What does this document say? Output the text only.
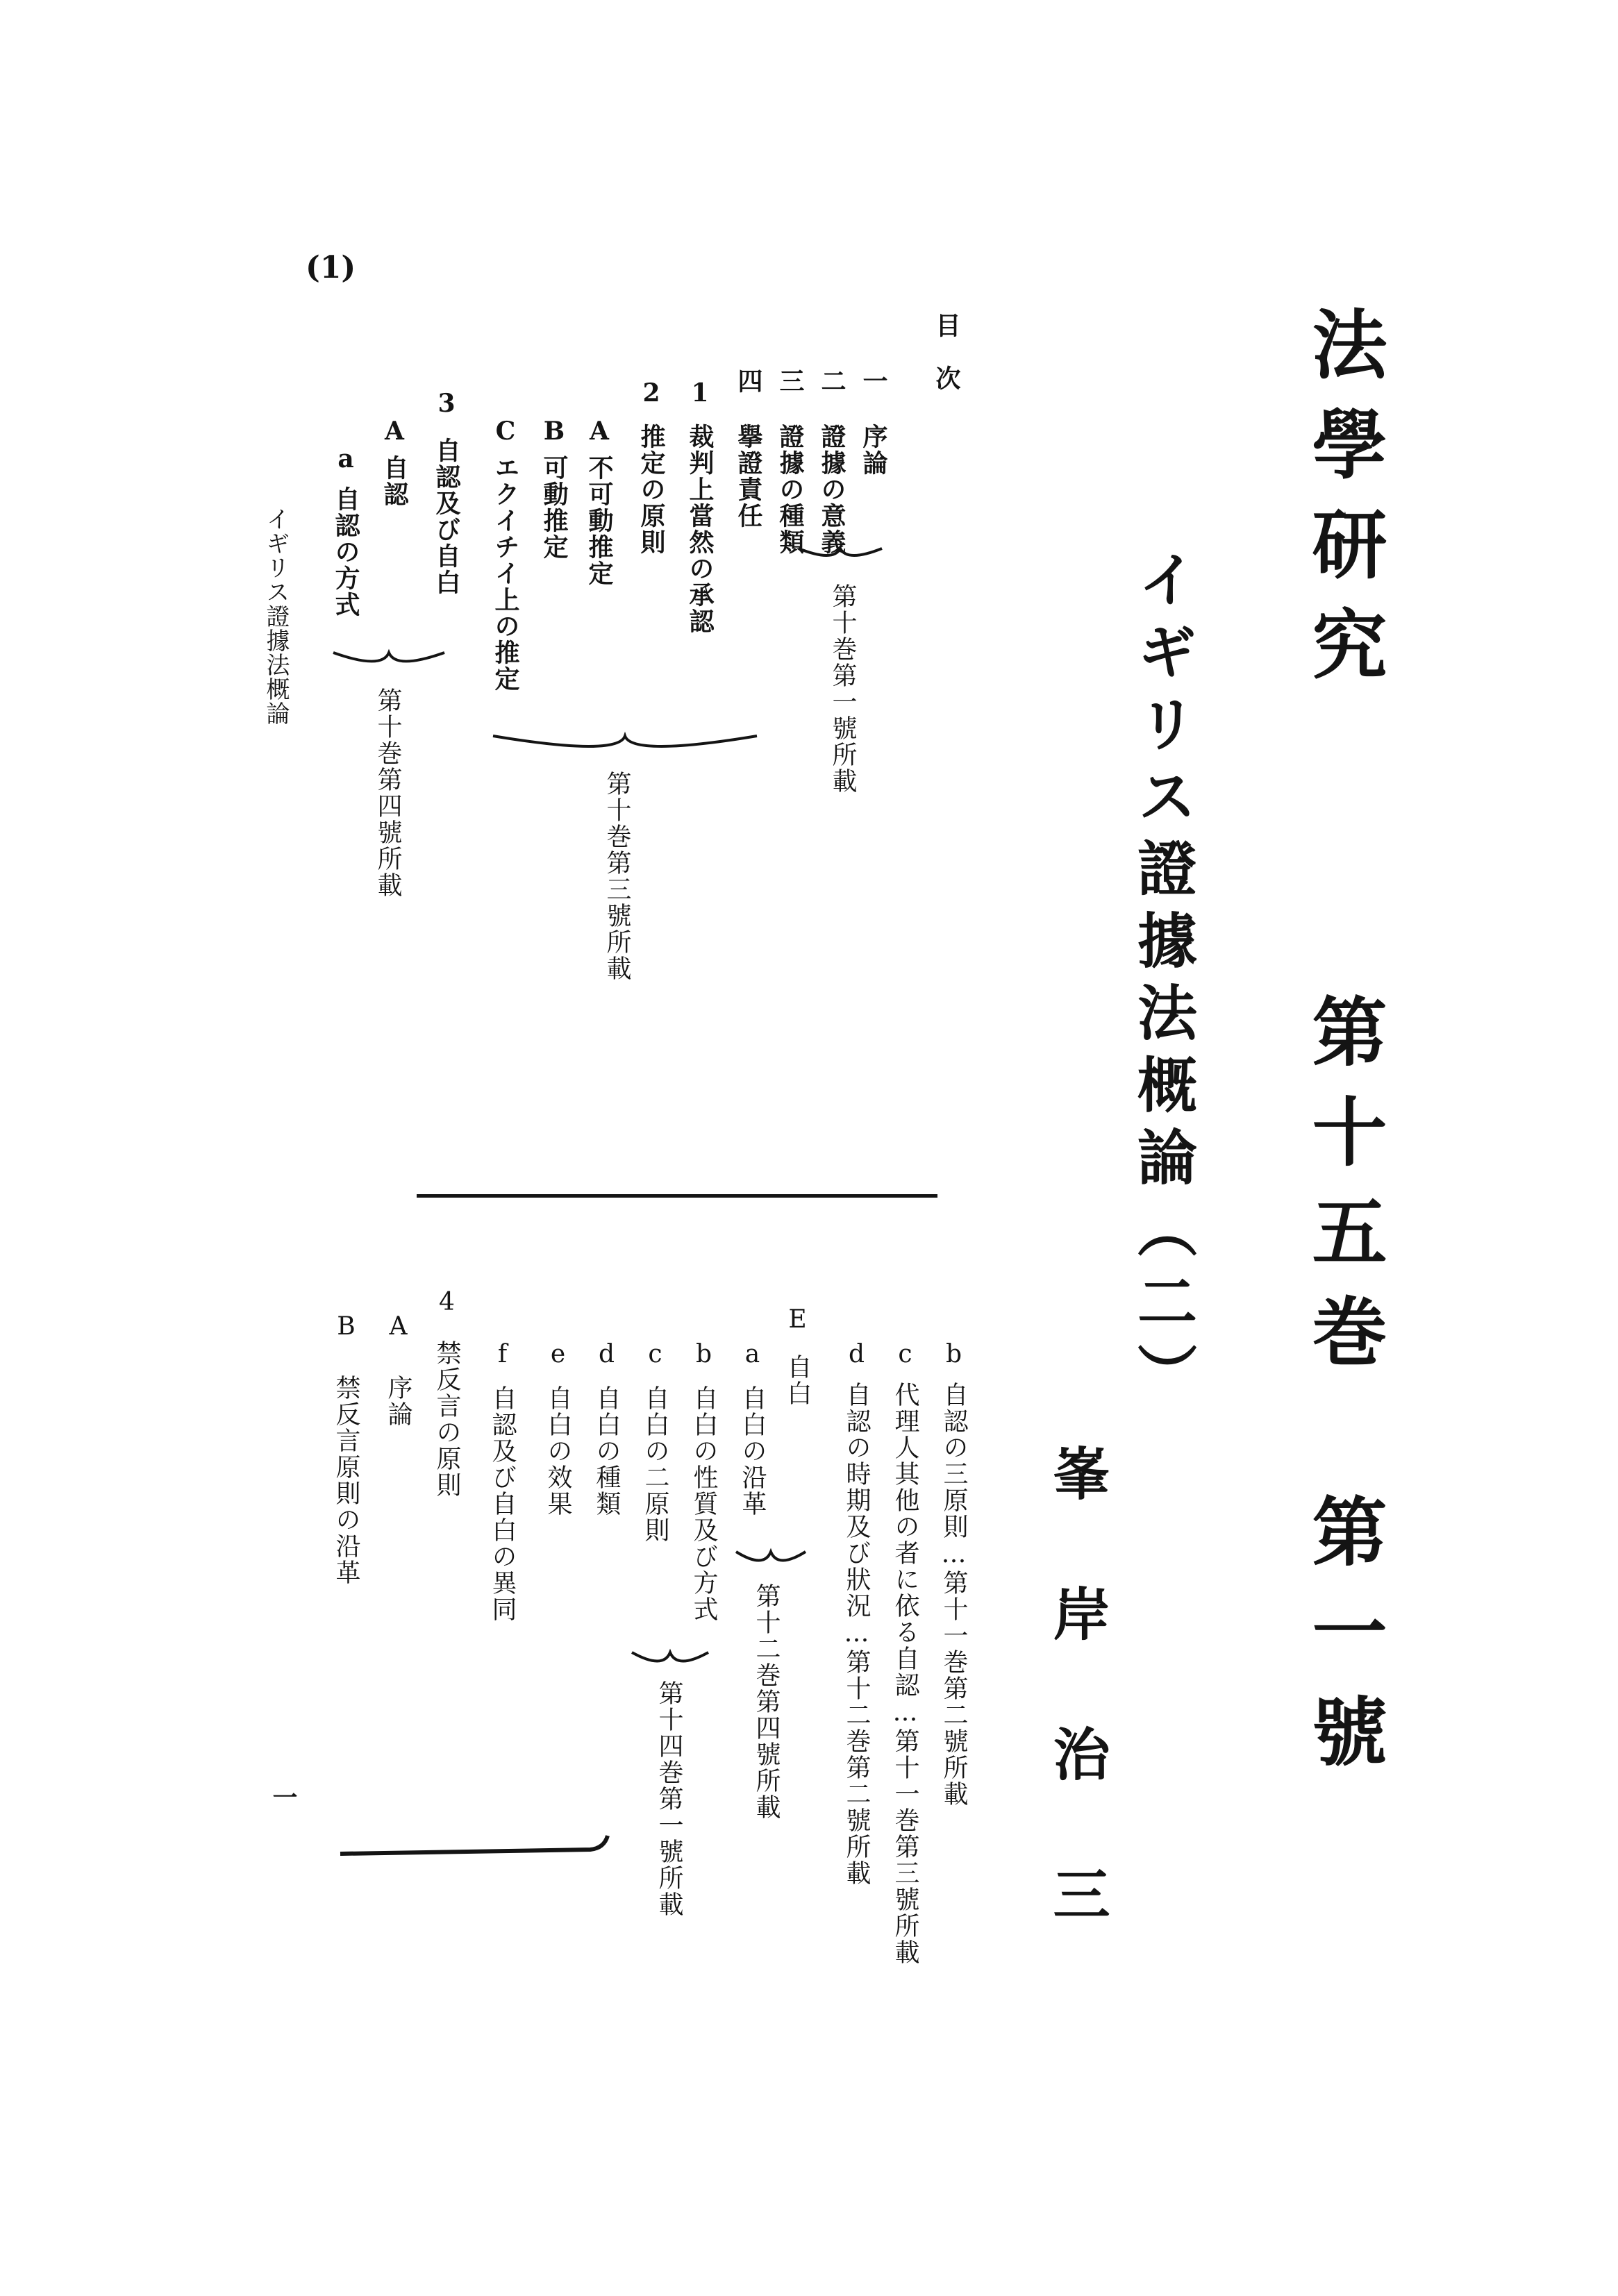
(1)
法學研究
第十五巻　第一號
イギリス證據法概論（二）
峯岸治三
目　次
一
序論
二
證據の意義
三
證據の種類
四
擧證責任
1
裁判上當然の承認
2
推定の原則
A
不可動推定
B
可動推定
C
エクイチイ上の推定
3
自認及び自白
A
自認
a
自認の方式
イギリス證據法概論	第十巻第一號所載
第十巻第三號所載
第十巻第四號所載
b
自認の三原則…第十一巻第二號所載
c
代理人其他の者に依る自認…第十一巻第三號所載
d
自認の時期及び狀況…第十二巻第二號所載
E
自白
a
自白の沿革
b
自白の性質及び方式
c
自白の二原則
d
自白の種類
e
自白の效果
f
自認及び自白の異同
4
禁反言の原則
A
序論
B
禁反言原則の沿革
第十二巻第四號所載
第十四巻第一號所載
一
